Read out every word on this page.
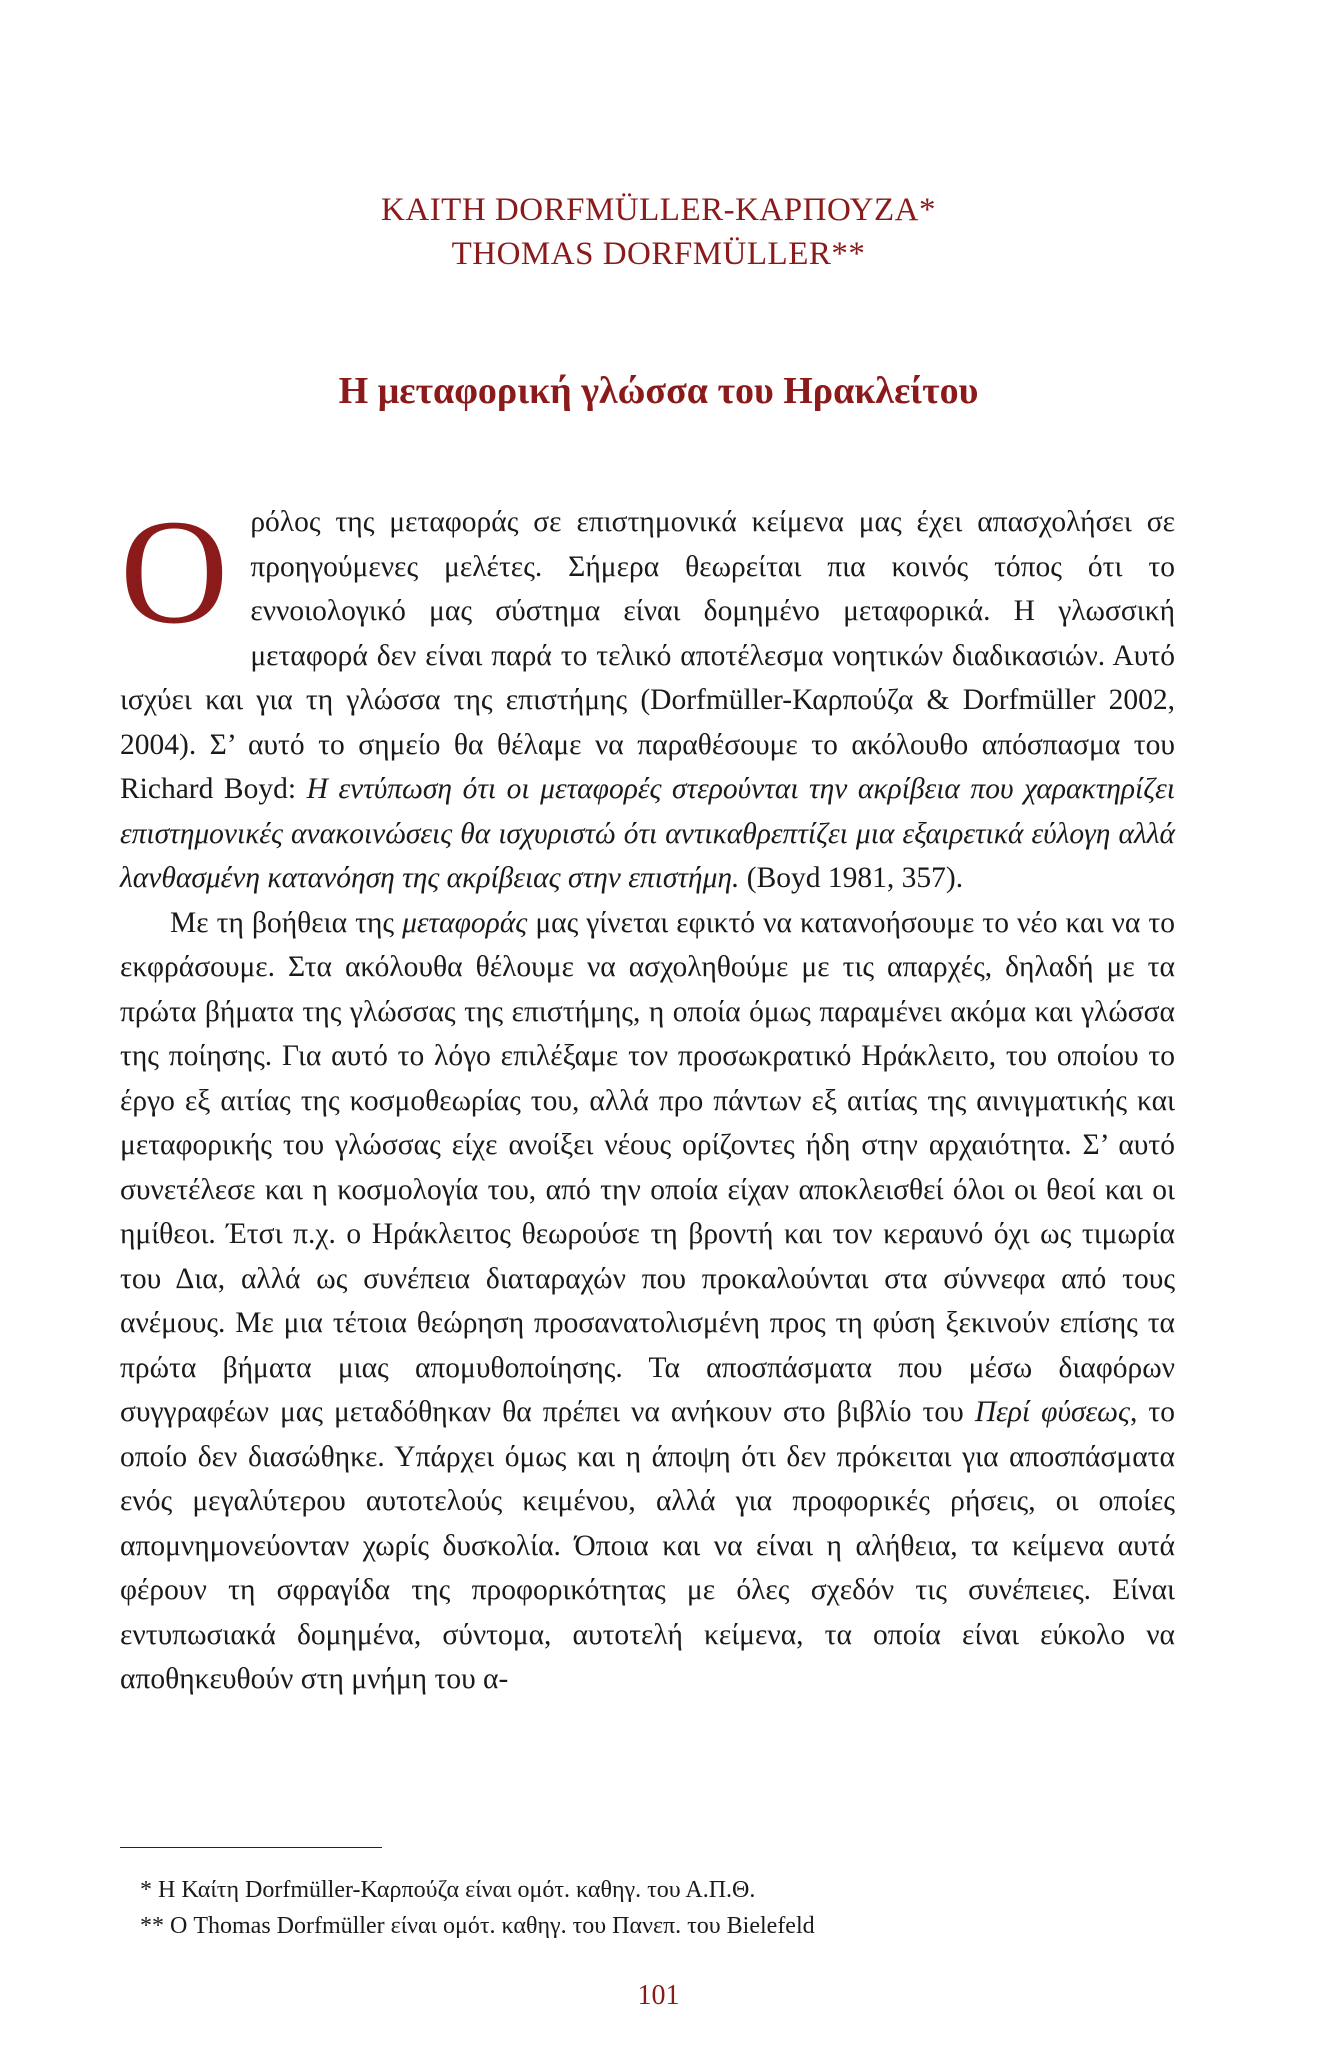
KAITH DORFMÜLLER-ΚΑΡΠΟΥΖΑ*
THOMAS DORFMÜLLER**
Η μεταφορική γλώσσα του Ηρακλείτου

Ορόλος της μεταφοράς σε επιστημονικά κείμενα μας έχει απασχολήσει σε προηγούμενες μελέτες. Σήμερα θεωρείται πια κοινός τόπος ότι το εννοιολογικό μας σύστημα είναι δομημένο μεταφορικά. Η γλωσσική μεταφορά δεν είναι παρά το τελικό αποτέλεσμα νοητικών διαδικασιών. Αυτό ισχύει και για τη γλώσσα της επιστήμης (Dorfmüller-Καρπούζα & Dorfmüller 2002, 2004). Σ’ αυτό το σημείο θα θέλαμε να παραθέσουμε το ακόλουθο απόσπασμα του Richard Boyd: Η εντύπωση ότι οι μεταφορές στερούνται την ακρίβεια που χαρακτηρίζει επιστημονικές ανακοινώσεις θα ισχυριστώ ότι αντικαθρεπτίζει μια εξαιρετικά εύλογη αλλά λανθασμένη κατανόηση της ακρίβειας στην επιστήμη. (Boyd 1981, 357).

Με τη βοήθεια της μεταφοράς μας γίνεται εφικτό να κατανοήσουμε το νέο και να το εκφράσουμε. Στα ακόλουθα θέλουμε να ασχοληθούμε με τις απαρχές, δηλαδή με τα πρώτα βήματα της γλώσσας της επιστήμης, η οποία όμως παραμένει ακόμα και γλώσσα της ποίησης. Για αυτό το λόγο επιλέξαμε τον προσωκρατικό Ηράκλειτο, του οποίου το έργο εξ αιτίας της κοσμοθεωρίας του, αλλά προ πάντων εξ αιτίας της αινιγματικής και μεταφορικής του γλώσσας είχε ανοίξει νέους ορίζοντες ήδη στην αρχαιότητα. Σ’ αυτό συνετέλεσε και η κοσμολογία του, από την οποία είχαν αποκλεισθεί όλοι οι θεοί και οι ημίθεοι. Έτσι π.χ. ο Ηράκλειτος θεωρούσε τη βροντή και τον κεραυνό όχι ως τιμωρία του Δια, αλλά ως συνέπεια διαταραχών που προκαλούνται στα σύννεφα από τους ανέμους. Με μια τέτοια θεώρηση προσανατολισμένη προς τη φύση ξεκινούν επίσης τα πρώτα βήματα μιας απομυθοποίησης. Τα αποσπάσματα που μέσω διαφόρων συγγραφέων μας μεταδόθηκαν θα πρέπει να ανήκουν στο βιβλίο του Περί φύσεως, το οποίο δεν διασώθηκε. Υπάρχει όμως και η άποψη ότι δεν πρόκειται για αποσπάσματα ενός μεγαλύτερου αυτοτελούς κειμένου, αλλά για προφορικές ρήσεις, οι οποίες απομνημονεύονταν χωρίς δυσκολία. Όποια και να είναι η αλήθεια, τα κείμενα αυτά φέρουν τη σφραγίδα της προφορικότητας με όλες σχεδόν τις συνέπειες. Είναι εντυπωσιακά δομημένα, σύντομα, αυτοτελή κείμενα, τα οποία είναι εύκολο να αποθηκευθούν στη μνήμη του α-

* Η Καίτη Dorfmüller-Καρπούζα είναι ομότ. καθηγ. του Α.Π.Θ.
** Ο Thomas Dorfmüller είναι ομότ. καθηγ. του Πανεπ. του Bielefeld
101
